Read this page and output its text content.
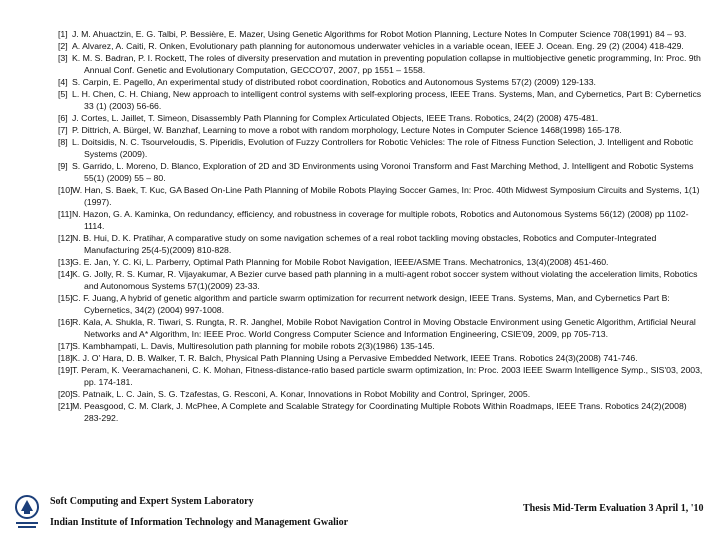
[1] J. M. Ahuactzin, E. G. Talbi, P. Bessière, E. Mazer, Using Genetic Algorithms for Robot Motion Planning, Lecture Notes In Computer Science 708(1991) 84 – 93.
[2] A. Alvarez, A. Caiti, R. Onken, Evolutionary path planning for autonomous underwater vehicles in a variable ocean, IEEE J. Ocean. Eng. 29 (2) (2004) 418-429.
[3] K. M. S. Badran, P. I. Rockett, The roles of diversity preservation and mutation in preventing population collapse in multiobjective genetic programming, In: Proc. 9th Annual Conf. Genetic and Evolutionary Computation, GECCO'07, 2007, pp 1551 – 1558.
[4] S. Carpin, E. Pagello, An experimental study of distributed robot coordination, Robotics and Autonomous Systems 57(2) (2009) 129-133.
[5] L. H. Chen, C. H. Chiang, New approach to intelligent control systems with self-exploring process, IEEE Trans. Systems, Man, and Cybernetics, Part B: Cybernetics 33 (1) (2003) 56-66.
[6] J. Cortes, L. Jaillet, T. Simeon, Disassembly Path Planning for Complex Articulated Objects, IEEE Trans. Robotics, 24(2) (2008) 475-481.
[7] P. Dittrich, A. Bürgel, W. Banzhaf, Learning to move a robot with random morphology, Lecture Notes in Computer Science 1468(1998) 165-178.
[8] L. Doitsidis, N. C. Tsourveloudis, S. Piperidis, Evolution of Fuzzy Controllers for Robotic Vehicles: The role of Fitness Function Selection, J. Intelligent and Robotic Systems (2009).
[9] S. Garrido, L. Moreno, D. Blanco, Exploration of 2D and 3D Environments using Voronoi Transform and Fast Marching Method, J. Intelligent and Robotic Systems 55(1) (2009) 55 – 80.
[10] W. Han, S. Baek, T. Kuc, GA Based On-Line Path Planning of Mobile Robots Playing Soccer Games, In: Proc. 40th Midwest Symposium Circuits and Systems, 1(1) (1997).
[11] N. Hazon, G. A. Kaminka, On redundancy, efficiency, and robustness in coverage for multiple robots, Robotics and Autonomous Systems 56(12) (2008) pp 1102-1114.
[12] N. B. Hui, D. K. Pratihar, A comparative study on some navigation schemes of a real robot tackling moving obstacles, Robotics and Computer-Integrated Manufacturing 25(4-5)(2009) 810-828.
[13] G. E. Jan, Y. C. Ki, L. Parberry, Optimal Path Planning for Mobile Robot Navigation, IEEE/ASME Trans. Mechatronics, 13(4)(2008) 451-460.
[14] K. G. Jolly, R. S. Kumar, R. Vijayakumar, A Bezier curve based path planning in a multi-agent robot soccer system without violating the acceleration limits, Robotics and Autonomous Systems 57(1)(2009) 23-33.
[15] C. F. Juang, A hybrid of genetic algorithm and particle swarm optimization for recurrent network design, IEEE Trans. Systems, Man, and Cybernetics Part B: Cybernetics, 34(2) (2004) 997-1008.
[16] R. Kala, A. Shukla, R. Tiwari, S. Rungta, R. R. Janghel, Mobile Robot Navigation Control in Moving Obstacle Environment using Genetic Algorithm, Artificial Neural Networks and A* Algorithm, In: IEEE Proc. World Congress Computer Science and Information Engineering, CSIE'09, 2009, pp 705-713.
[17] S. Kambhampati, L. Davis, Multiresolution path planning for mobile robots 2(3)(1986) 135-145.
[18] K. J. O' Hara, D. B. Walker, T. R. Balch, Physical Path Planning Using a Pervasive Embedded Network, IEEE Trans. Robotics 24(3)(2008) 741-746.
[19] T. Peram, K. Veeramachaneni, C. K. Mohan, Fitness-distance-ratio based particle swarm optimization, In: Proc. 2003 IEEE Swarm Intelligence Symp., SIS'03, 2003, pp. 174-181.
[20] S. Patnaik, L. C. Jain, S. G. Tzafestas, G. Resconi, A. Konar, Innovations in Robot Mobility and Control, Springer, 2005.
[21] M. Peasgood, C. M. Clark, J. McPhee, A Complete and Scalable Strategy for Coordinating Multiple Robots Within Roadmaps, IEEE Trans. Robotics 24(2)(2008) 283-292.
Soft Computing and Expert System Laboratory
Indian Institute of Information Technology and Management Gwalior
Thesis Mid-Term Evaluation 3 April 1, '10
